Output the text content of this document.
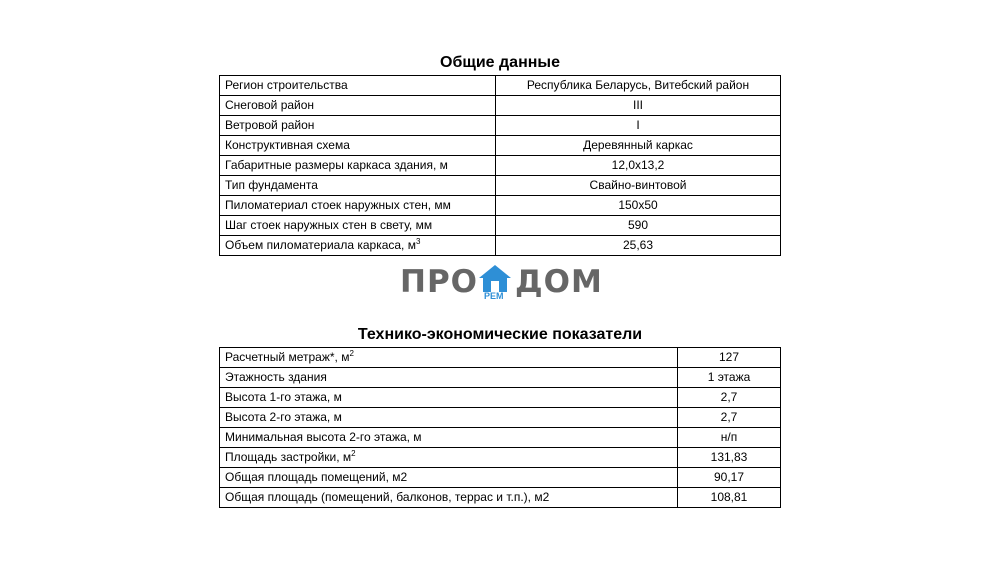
Общие данные
Регион строительства	Республика Беларусь, Витебский район
Снеговой район	III
Ветровой район	I
Конструктивная схема	Деревянный каркас
Габаритные размеры каркаса здания, м	12,0х13,2
Тип фундамента	Свайно-винтовой
Пиломатериал стоек наружных стен, мм	150х50
Шаг стоек наружных стен в свету, мм	590
Объем пиломатериала каркаса, $м^3$	25,63
ПРО РЕМ ДОМ
Технико-экономические показатели
Расчетный метраж*, $м^2$	127
Этажность здания	1 этажа
Высота 1-го этажа, м	2,7
Высота 2-го этажа, м	2,7
Минимальная высота 2-го этажа, м	н/п
Площадь застройки, $м^2$	131,83
Общая площадь помещений, м2	90,17
Общая площадь (помещений, балконов, террас и т.п.), м2	108,81
